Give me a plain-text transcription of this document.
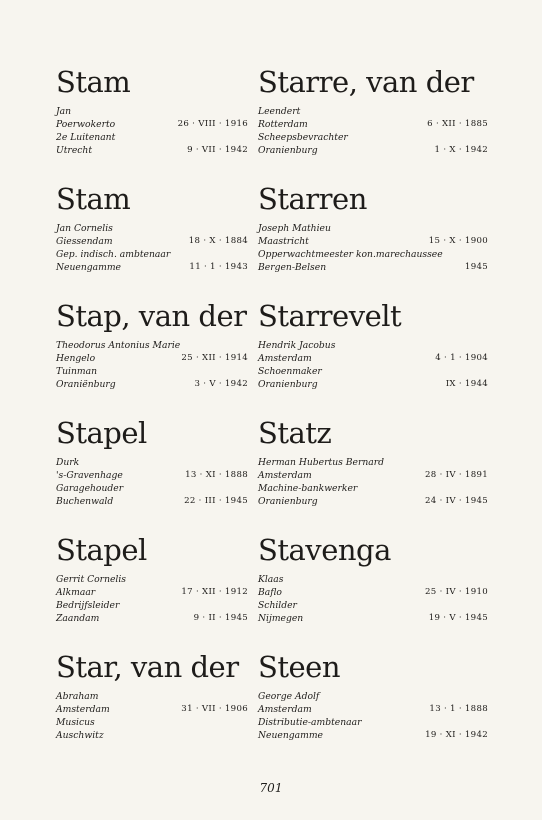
Stam
Jan
Poerwokerto	26 · VIII · 1916
2e Luitenant
Utrecht	9 · VII · 1942
Stam
Jan Cornelis
Giessendam	18 · X · 1884
Gep. indisch. ambtenaar
Neuengamme	11 · 1 · 1943
Stap, van der
Theodorus Antonius Marie
Hengelo	25 · XII · 1914
Tuinman
Oraniënburg	3 · V · 1942
Stapel
Durk
's-Gravenhage	13 · XI · 1888
Garagehouder
Buchenwald	22 · III · 1945
Stapel
Gerrit Cornelis
Alkmaar	17 · XII · 1912
Bedrijfsleider
Zaandam	9 · II · 1945
Star, van der
Abraham
Amsterdam	31 · VII · 1906
Musicus
Auschwitz
Starre, van der
Leendert
Rotterdam	6 · XII · 1885
Scheepsbevrachter
Oranienburg	1 · X · 1942
Starren
Joseph Mathieu
Maastricht	15 · X · 1900
Opperwachtmeester kon.marechaussee
Bergen-Belsen	1945
Starrevelt
Hendrik Jacobus
Amsterdam	4 · 1 · 1904
Schoenmaker
Oranienburg	IX · 1944
Statz
Herman Hubertus Bernard
Amsterdam	28 · IV · 1891
Machine-bankwerker
Oranienburg	24 · IV · 1945
Stavenga
Klaas
Baflo	25 · IV · 1910
Schilder
Nijmegen	19 · V · 1945
Steen
George Adolf
Amsterdam	13 · 1 · 1888
Distributie-ambtenaar
Neuengamme	19 · XI · 1942
701
